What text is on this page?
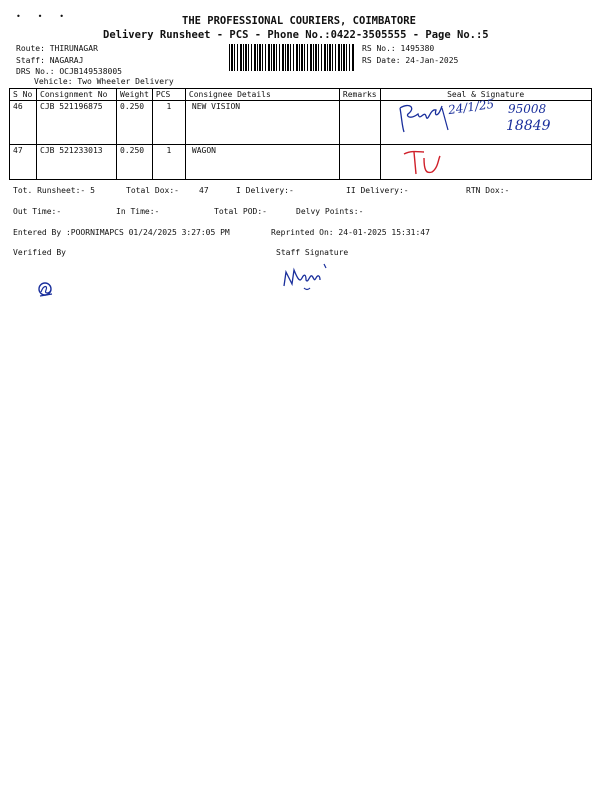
• • •	THE PROFESSIONAL COURIERS, COIMBATORE
Delivery Runsheet - PCS - Phone No.:0422-3505555 - Page No.:5
Route: THIRUNAGAR
Staff: NAGARAJ
DRS No.: OCJB149538005
Vehicle: Two Wheeler Delivery
RS No.: 1495380
RS Date: 24-Jan-2025
S No	Consignment No	Weight	PCS	Consignee Details	Remarks	Seal & Signature
46	CJB 521196875	0.250	1	NEW VISION		
47	CJB 521233013	0.250	1	WAGON		
24/1/25 95008
18849
Tot. Runsheet:- 5	Total Dox:-	47	I Delivery:-	II Delivery:-	RTN Dox:-
Out Time:-	In Time:-	Total POD:-	Delvy Points:-
Entered By :POORNIMAPCS 01/24/2025 3:27:05 PM	Reprinted On: 24-01-2025 15:31:47
Verified By	Staff Signature
